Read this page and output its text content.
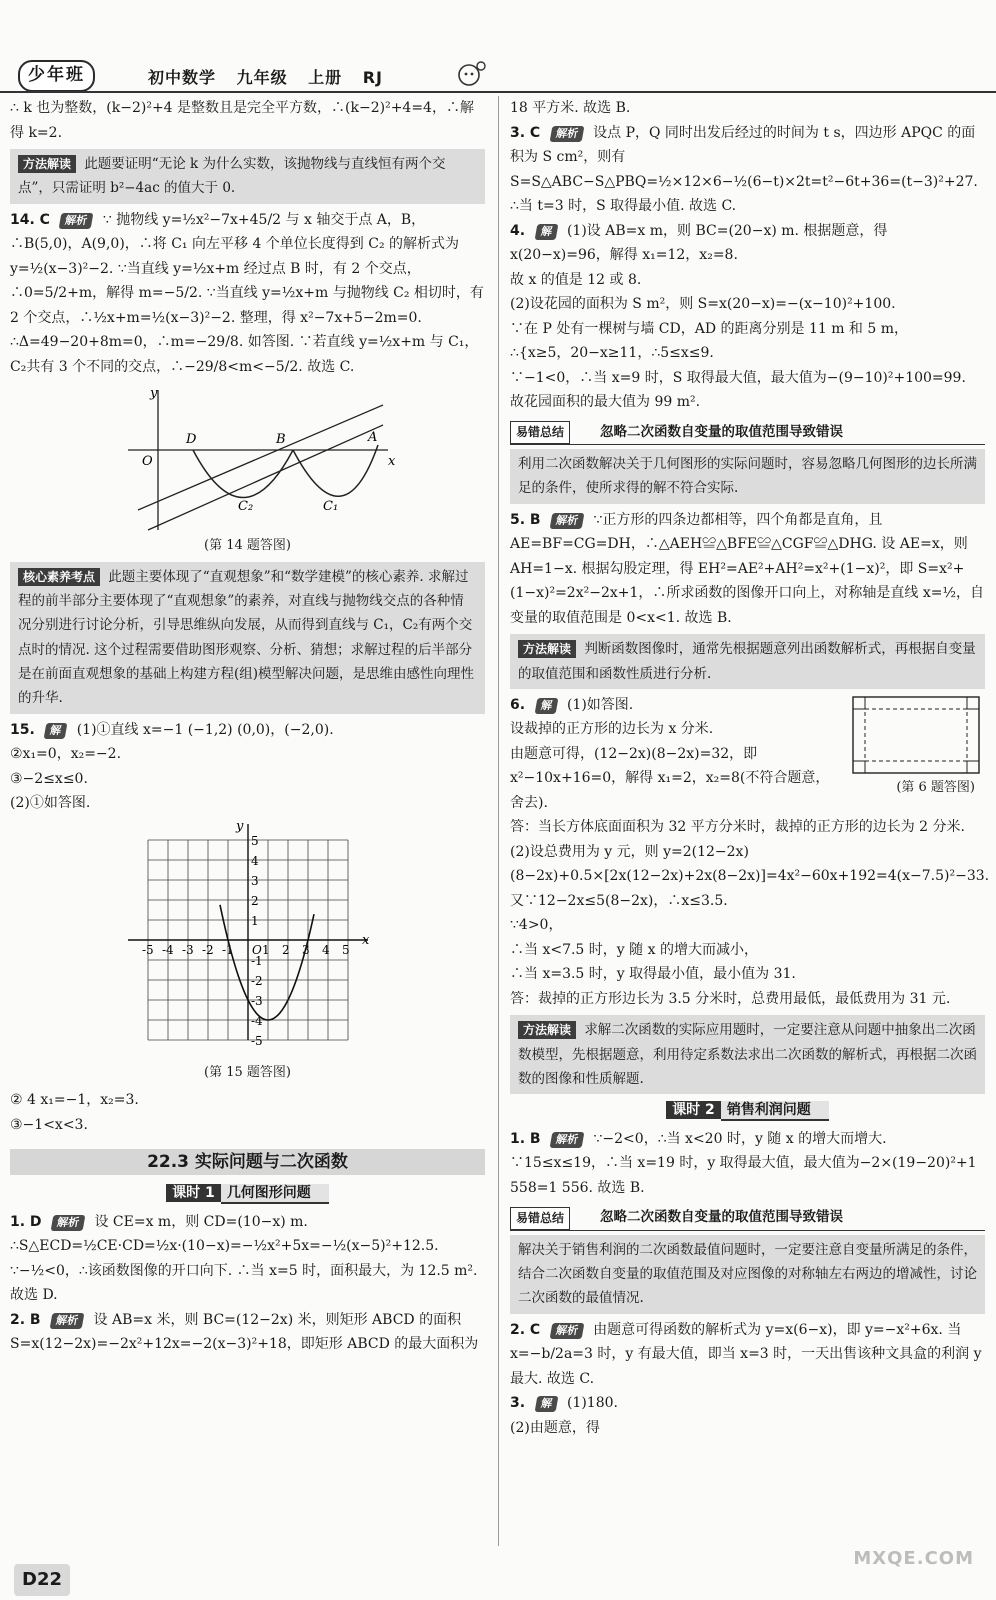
少年班	初中数学 九年级 上册 RJ

∴ k 也为整数，(k−2)²+4 是整数且是完全平方数，∴(k−2)²+4=4，∴解得 k=2.

方法解读 此题要证明“无论 k 为什么实数，该抛物线与直线恒有两个交点”，只需证明 b²−4ac 的值大于 0.

14. C 解析 ∵ 抛物线 y=½x²−7x+45/2 与 x 轴交于点 A，B，∴B(5,0)，A(9,0)，∴将 C₁ 向左平移 4 个单位长度得到 C₂ 的解析式为 y=½(x−3)²−2. ∵当直线 y=½x+m 经过点 B 时，有 2 个交点，∴0=5/2+m，解得 m=−5/2. ∵当直线 y=½x+m 与抛物线 C₂ 相切时，有 2 个交点，∴½x+m=½(x−3)²−2. 整理，得 x²−7x+5−2m=0. ∴Δ=49−20+8m=0，∴m=−29/8. 如答图. ∵若直线 y=½x+m 与 C₁，C₂共有 3 个不同的交点，∴−29/8<m<−5/2. 故选 C.

y
x
O
D	B	A
C₂	C₁
(第 14 题答图)
核心素养考点 此题主要体现了“直观想象”和“数学建模”的核心素养. 求解过程的前半部分主要体现了“直观想象”的素养，对直线与抛物线交点的各种情况分别进行讨论分析，引导思维纵向发展，从而得到直线与 C₁，C₂有两个交点时的情况. 这个过程需要借助图形观察、分析、猜想；求解过程的后半部分是在前面直观想象的基础上构建方程(组)模型解决问题，是思维由感性向理性的升华.

15. 解 (1)①直线 x=−1 (−1,2) (0,0)，(−2,0).

②x₁=0，x₂=−2.

③−2≤x≤0.

(2)①如答图.

-5
-5
-4
-4
-3
-3
-2
-2
-1
-1
1
1
2
2
3
3
4
4
5
5
O
x
y
(第 15 题答图)

② 4 x₁=−1，x₂=3.

③−1<x<3.

22.3 实际问题与二次函数
课时 1 几何图形问题

1. D 解析 设 CE=x m，则 CD=(10−x) m. ∴S△ECD=½CE·CD=½x·(10−x)=−½x²+5x=−½(x−5)²+12.5. ∵−½<0，∴该函数图像的开口向下. ∴当 x=5 时，面积最大，为 12.5 m². 故选 D.

2. B 解析 设 AB=x 米，则 BC=(12−2x) 米，则矩形 ABCD 的面积 S=x(12−2x)=−2x²+12x=−2(x−3)²+18，即矩形 ABCD 的最大面积为

18 平方米. 故选 B.

3. C 解析 设点 P，Q 同时出发后经过的时间为 t s，四边形 APQC 的面积为 S cm²，则有 S=S△ABC−S△PBQ=½×12×6−½(6−t)×2t=t²−6t+36=(t−3)²+27. ∴当 t=3 时，S 取得最小值. 故选 C.

4. 解 (1)设 AB=x m，则 BC=(20−x) m. 根据题意，得 x(20−x)=96，解得 x₁=12，x₂=8.

故 x 的值是 12 或 8.

(2)设花园的面积为 S m²，则 S=x(20−x)=−(x−10)²+100.

∵在 P 处有一棵树与墙 CD，AD 的距离分别是 11 m 和 5 m，

∴{x≥5，20−x≥11，∴5≤x≤9.

∵−1<0，∴当 x=9 时，S 取得最大值，最大值为−(9−10)²+100=99.

故花园面积的最大值为 99 m².

易错总结	忽略二次函数自变量的取值范围导致错误
利用二次函数解决关于几何图形的实际问题时，容易忽略几何图形的边长所满足的条件，使所求得的解不符合实际.

5. B 解析 ∵正方形的四条边都相等，四个角都是直角，且 AE=BF=CG=DH，∴△AEH≌△BFE≌△CGF≌△DHG. 设 AE=x，则 AH=1−x. 根据勾股定理，得 EH²=AE²+AH²=x²+(1−x)²，即 S=x²+(1−x)²=2x²−2x+1，∴所求函数的图像开口向上，对称轴是直线 x=½，自变量的取值范围是 0<x<1. 故选 B.

方法解读 判断函数图像时，通常先根据题意列出函数解析式，再根据自变量的取值范围和函数性质进行分析.

6. 解 (1)如答图.

设裁掉的正方形的边长为 x 分米.

由题意可得，(12−2x)(8−2x)=32，即 x²−10x+16=0，解得 x₁=2，x₂=8(不符合题意，舍去).

(第 6 题答图)

答：当长方体底面面积为 32 平方分米时，裁掉的正方形的边长为 2 分米.

(2)设总费用为 y 元，则 y=2(12−2x)(8−2x)+0.5×[2x(12−2x)+2x(8−2x)]=4x²−60x+192=4(x−7.5)²−33.

又∵12−2x≤5(8−2x)，∴x≤3.5.

∵4>0，

∴当 x<7.5 时，y 随 x 的增大而减小，

∴当 x=3.5 时，y 取得最小值，最小值为 31.

答：裁掉的正方形边长为 3.5 分米时，总费用最低，最低费用为 31 元.

方法解读 求解二次函数的实际应用题时，一定要注意从问题中抽象出二次函数模型，先根据题意，利用待定系数法求出二次函数的解析式，再根据二次函数的图像和性质解题.
课时 2 销售利润问题

1. B 解析 ∵−2<0，∴当 x<20 时，y 随 x 的增大而增大. ∵15≤x≤19，∴当 x=19 时，y 取得最大值，最大值为−2×(19−20)²+1 558=1 556. 故选 B.

易错总结	忽略二次函数自变量的取值范围导致错误
解决关于销售利润的二次函数最值问题时，一定要注意自变量所满足的条件，结合二次函数自变量的取值范围及对应图像的对称轴左右两边的增减性，讨论二次函数的最值情况.

2. C 解析 由题意可得函数的解析式为 y=x(6−x)，即 y=−x²+6x. 当 x=−b/2a=3 时，y 有最大值，即当 x=3 时，一天出售该种文具盒的利润 y 最大. 故选 C.

3. 解 (1)180.

(2)由题意，得

D22
MXQE.COM
